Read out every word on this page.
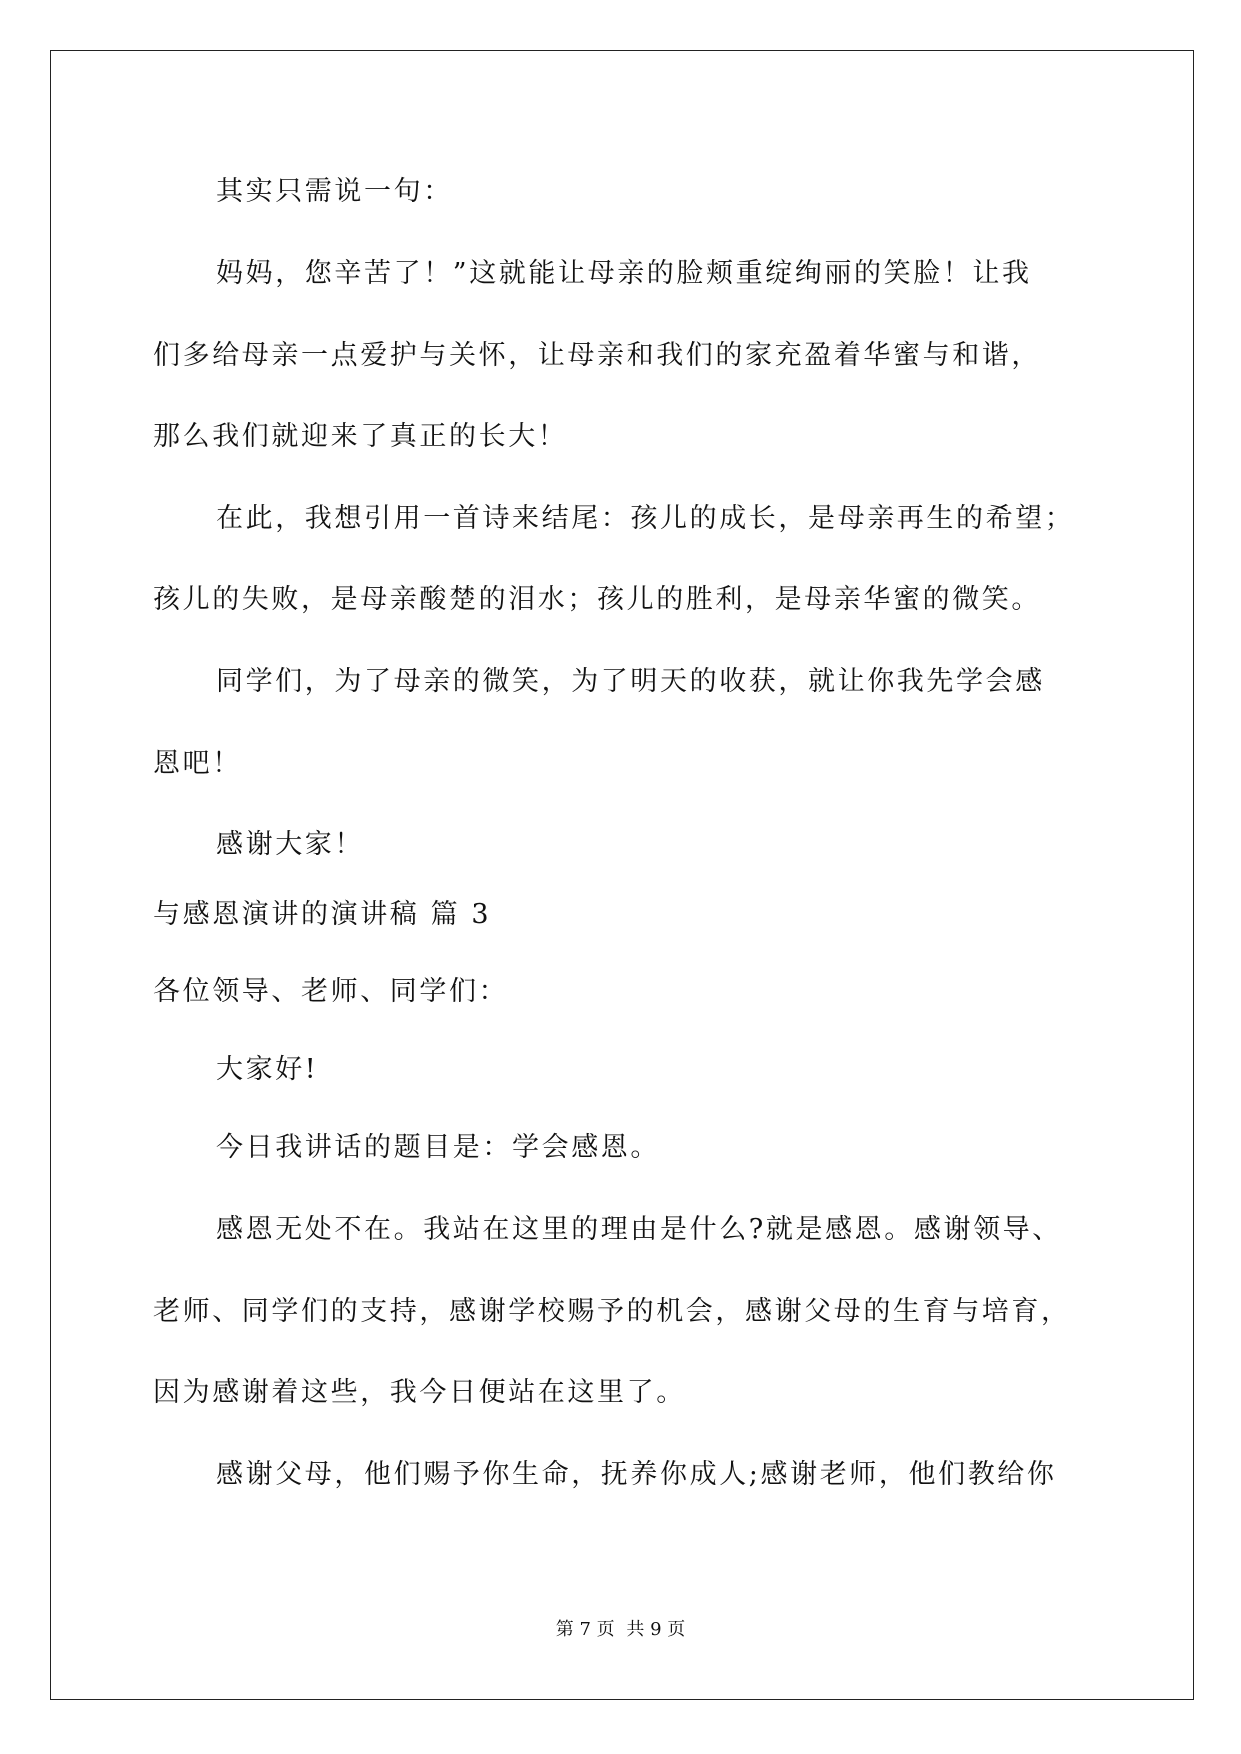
其实只需说一句：
妈妈，您辛苦了！”这就能让母亲的脸颊重绽绚丽的笑脸！让我
们多给母亲一点爱护与关怀，让母亲和我们的家充盈着华蜜与和谐，
那么我们就迎来了真正的长大！
在此，我想引用一首诗来结尾：孩儿的成长，是母亲再生的希望；
孩儿的失败，是母亲酸楚的泪水；孩儿的胜利，是母亲华蜜的微笑。
同学们，为了母亲的微笑，为了明天的收获，就让你我先学会感
恩吧！
感谢大家！
与感恩演讲的演讲稿 篇 3
各位领导、老师、同学们：
大家好!
今日我讲话的题目是：学会感恩。
感恩无处不在。我站在这里的理由是什么?就是感恩。感谢领导、
老师、同学们的支持，感谢学校赐予的机会，感谢父母的生育与培育，
因为感谢着这些，我今日便站在这里了。
感谢父母，他们赐予你生命，抚养你成人;感谢老师，他们教给你
第 7 页 共 9 页
